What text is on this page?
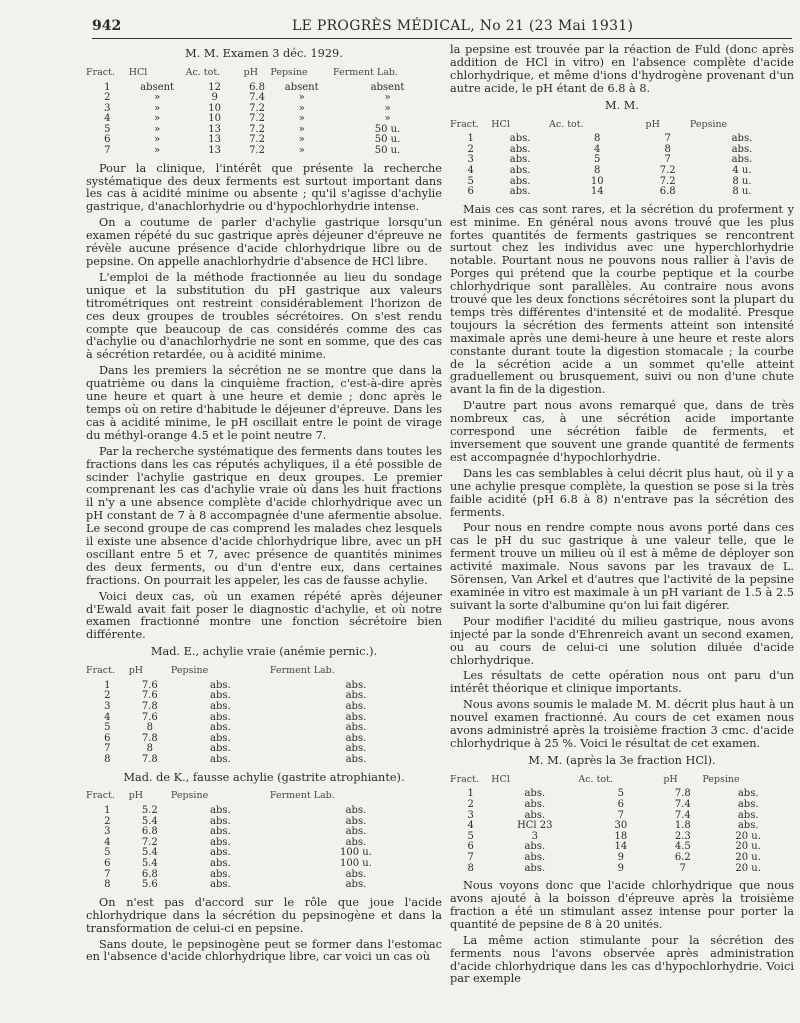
942	LE PROGRÈS MÉDICAL, No 21 (23 Mai 1931)
M. M. Examen 3 déc. 1929.
Fract.	HCl	Ac. tot.	pH	Pepsine	Ferment Lab.
1	absent	12	6.8	absent	absent
2	»	9	7.4	»	»
3	»	10	7.2	»	»
4	»	10	7.2	»	»
5	»	13	7.2	»	50 u.
6	»	13	7.2	»	50 u.
7	»	13	7.2	»	50 u.

Pour la clinique, l'intérêt que présente la recherche systématique des deux ferments est surtout important dans les cas à acidité minime ou absente ; qu'il s'agisse d'achylie gastrique, d'anachlorhydrie ou d'hypochlorhydrie intense.

On a coutume de parler d'achylie gastrique lorsqu'un examen répété du suc gastrique après déjeuner d'épreuve ne révèle aucune présence d'acide chlorhydrique libre ou de pepsine. On appelle anachlorhydrie d'absence de HCl libre.

L'emploi de la méthode fractionnée au lieu du sondage unique et la substitution du pH gastrique aux valeurs titrométriques ont restreint considérablement l'horizon de ces deux groupes de troubles sécrétoires. On s'est rendu compte que beaucoup de cas considérés comme des cas d'achylie ou d'anachlorhydrie ne sont en somme, que des cas à sécrétion retardée, ou à acidité minime.

Dans les premiers la sécrétion ne se montre que dans la quatrième ou dans la cinquième fraction, c'est-à-dire après une heure et quart à une heure et demie ; donc après le temps où on retire d'habitude le déjeuner d'épreuve. Dans les cas à acidité minime, le pH oscillait entre le point de virage du méthyl-orange 4.5 et le point neutre 7.

Par la recherche systématique des ferments dans toutes les fractions dans les cas réputés achyliques, il a été possible de scinder l'achylie gastrique en deux groupes. Le premier comprenant les cas d'achylie vraie où dans les huit fractions il n'y a une absence complète d'acide chlorhydrique avec un pH constant de 7 à 8 accompagnée d'une afermentie absolue. Le second groupe de cas comprend les malades chez lesquels il existe une absence d'acide chlorhydrique libre, avec un pH oscillant entre 5 et 7, avec présence de quantités minimes des deux ferments, ou d'un d'entre eux, dans certaines fractions. On pourrait les appeler, les cas de fausse achylie.

Voici deux cas, où un examen répété après déjeuner d'Ewald avait fait poser le diagnostic d'achylie, et où notre examen fractionné montre une fonction sécrétoire bien différente.

Mad. E., achylie vraie (anémie pernic.).
Fract.	pH	Pepsine	Ferment Lab.
1	7.6	abs.	abs.
2	7.6	abs.	abs.
3	7.8	abs.	abs.
4	7.6	abs.	abs.
5	8	abs.	abs.
6	7.8	abs.	abs.
7	8	abs.	abs.
8	7.8	abs.	abs.
Mad. de K., fausse achylie (gastrite atrophiante).
Fract.	pH	Pepsine	Ferment Lab.
1	5.2	abs.	abs.
2	5.4	abs.	abs.
3	6.8	abs.	abs.
4	7.2	abs.	abs.
5	5.4	abs.	100 u.
6	5.4	abs.	100 u.
7	6.8	abs.	abs.
8	5.6	abs.	abs.

On n'est pas d'accord sur le rôle que joue l'acide chlorhydrique dans la sécrétion du pepsinogène et dans la transformation de celui-ci en pepsine.

Sans doute, le pepsinogène peut se former dans l'estomac en l'absence d'acide chlorhydrique libre, car voici un cas où

la pepsine est trouvée par la réaction de Fuld (donc après addition de HCl in vitro) en l'absence complète d'acide chlorhydrique, et même d'ions d'hydrogène provenant d'un autre acide, le pH étant de 6.8 à 8.

M. M.
Fract.	HCl	Ac. tot.	pH	Pepsine
1	abs.	8	7	abs.
2	abs.	4	8	abs.
3	abs.	5	7	abs.
4	abs.	8	7.2	4 u.
5	abs.	10	7.2	8 u.
6	abs.	14	6.8	8 u.

Mais ces cas sont rares, et la sécrétion du proferment y est minime. En général nous avons trouvé que les plus fortes quantités de ferments gastriques se rencontrent surtout chez les individus avec une hyperchlorhydrie notable. Pourtant nous ne pouvons nous rallier à l'avis de Porges qui prétend que la courbe peptique et la courbe chlorhydrique sont parallèles. Au contraire nous avons trouvé que les deux fonctions sécrétoires sont la plupart du temps très différentes d'intensité et de modalité. Presque toujours la sécrétion des ferments atteint son intensité maximale après une demi-heure à une heure et reste alors constante durant toute la digestion stomacale ; la courbe de la sécrétion acide a un sommet qu'elle atteint graduellement ou brusquement, suivi ou non d'une chute avant la fin de la digestion.

D'autre part nous avons remarqué que, dans de très nombreux cas, à une sécrétion acide importante correspond une sécrétion faible de ferments, et inversement que souvent une grande quantité de ferments est accompagnée d'hypochlorhydrie.

Dans les cas semblables à celui décrit plus haut, où il y a une achylie presque complète, la question se pose si la très faible acidité (pH 6.8 à 8) n'entrave pas la sécrétion des ferments.

Pour nous en rendre compte nous avons porté dans ces cas le pH du suc gastrique à une valeur telle, que le ferment trouve un milieu où il est à même de déployer son activité maximale. Nous savons par les travaux de L. Sörensen, Van Arkel et d'autres que l'activité de la pepsine examinée in vitro est maximale à un pH variant de 1.5 à 2.5 suivant la sorte d'albumine qu'on lui fait digérer.

Pour modifier l'acidité du milieu gastrique, nous avons injecté par la sonde d'Ehrenreich avant un second examen, ou au cours de celui-ci une solution diluée d'acide chlorhydrique.

Les résultats de cette opération nous ont paru d'un intérêt théorique et clinique importants.

Nous avons soumis le malade M. M. décrit plus haut à un nouvel examen fractionné. Au cours de cet examen nous avons administré après la troisième fraction 3 cmc. d'acide chlorhydrique à 25 %. Voici le résultat de cet examen.

M. M. (après la 3e fraction HCl).
Fract.	HCl	Ac. tot.	pH	Pepsine
1	abs.	5	7.8	abs.
2	abs.	6	7.4	abs.
3	abs.	7	7.4	abs.
4	HCl 23	30	1.8	abs.
5	3	18	2.3	20 u.
6	abs.	14	4.5	20 u.
7	abs.	9	6.2	20 u.
8	abs.	9	7	20 u.

Nous voyons donc que l'acide chlorhydrique que nous avons ajouté à la boisson d'épreuve après la troisième fraction a été un stimulant assez intense pour porter la quantité de pepsine de 8 à 20 unités.

La même action stimulante pour la sécrétion des ferments nous l'avons observée après administration d'acide chlorhydrique dans les cas d'hypochlorhydrie. Voici par exemple
